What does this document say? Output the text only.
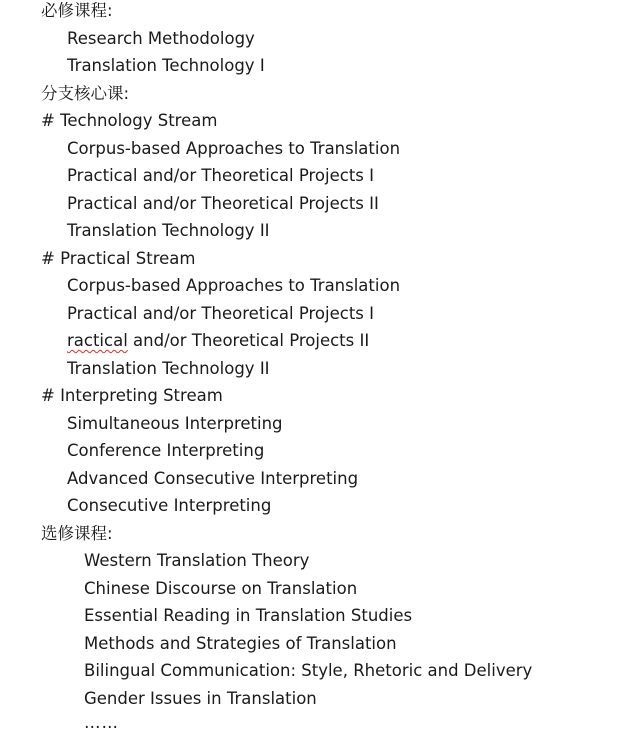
必修课程:
Research Methodology
Translation Technology I
分支核心课:
# Technology Stream
Corpus-based Approaches to Translation
Practical and/or Theoretical Projects I
Practical and/or Theoretical Projects II
Translation Technology II
# Practical Stream
Corpus-based Approaches to Translation
Practical and/or Theoretical Projects I
ractical and/or Theoretical Projects II
Translation Technology II
# Interpreting Stream
Simultaneous Interpreting
Conference Interpreting
Advanced Consecutive Interpreting
Consecutive Interpreting
选修课程:
Western Translation Theory
Chinese Discourse on Translation
Essential Reading in Translation Studies
Methods and Strategies of Translation
Bilingual Communication: Style, Rhetoric and Delivery
Gender Issues in Translation
……
